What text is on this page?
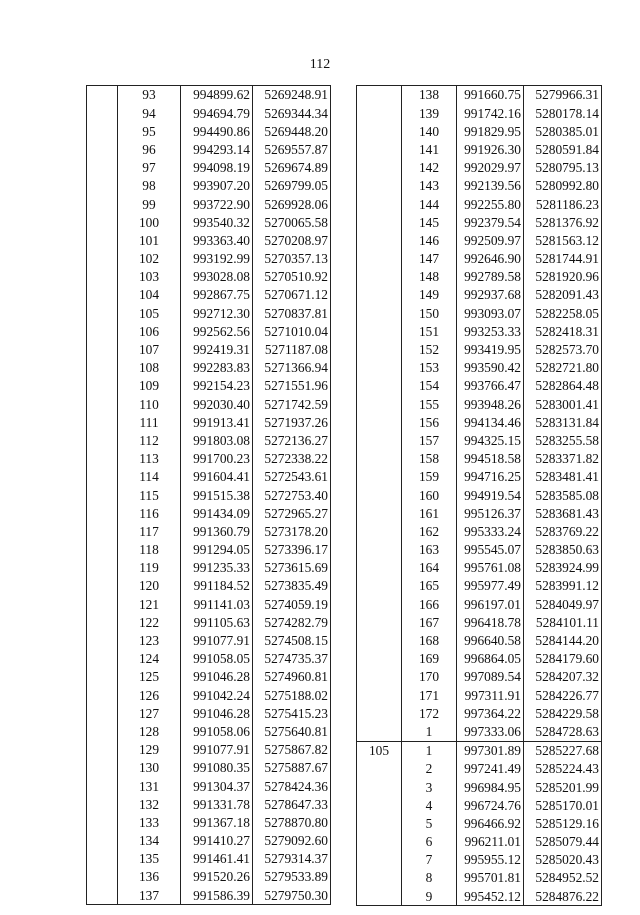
112
	93	994899.62	5269248.91
	94	994694.79	5269344.34
	95	994490.86	5269448.20
	96	994293.14	5269557.87
	97	994098.19	5269674.89
	98	993907.20	5269799.05
	99	993722.90	5269928.06
	100	993540.32	5270065.58
	101	993363.40	5270208.97
	102	993192.99	5270357.13
	103	993028.08	5270510.92
	104	992867.75	5270671.12
	105	992712.30	5270837.81
	106	992562.56	5271010.04
	107	992419.31	5271187.08
	108	992283.83	5271366.94
	109	992154.23	5271551.96
	110	992030.40	5271742.59
	111	991913.41	5271937.26
	112	991803.08	5272136.27
	113	991700.23	5272338.22
	114	991604.41	5272543.61
	115	991515.38	5272753.40
	116	991434.09	5272965.27
	117	991360.79	5273178.20
	118	991294.05	5273396.17
	119	991235.33	5273615.69
	120	991184.52	5273835.49
	121	991141.03	5274059.19
	122	991105.63	5274282.79
	123	991077.91	5274508.15
	124	991058.05	5274735.37
	125	991046.28	5274960.81
	126	991042.24	5275188.02
	127	991046.28	5275415.23
	128	991058.06	5275640.81
	129	991077.91	5275867.82
	130	991080.35	5275887.67
	131	991304.37	5278424.36
	132	991331.78	5278647.33
	133	991367.18	5278870.80
	134	991410.27	5279092.60
	135	991461.41	5279314.37
	136	991520.26	5279533.89
	137	991586.39	5279750.30
	138	991660.75	5279966.31
	139	991742.16	5280178.14
	140	991829.95	5280385.01
	141	991926.30	5280591.84
	142	992029.97	5280795.13
	143	992139.56	5280992.80
	144	992255.80	5281186.23
	145	992379.54	5281376.92
	146	992509.97	5281563.12
	147	992646.90	5281744.91
	148	992789.58	5281920.96
	149	992937.68	5282091.43
	150	993093.07	5282258.05
	151	993253.33	5282418.31
	152	993419.95	5282573.70
	153	993590.42	5282721.80
	154	993766.47	5282864.48
	155	993948.26	5283001.41
	156	994134.46	5283131.84
	157	994325.15	5283255.58
	158	994518.58	5283371.82
	159	994716.25	5283481.41
	160	994919.54	5283585.08
	161	995126.37	5283681.43
	162	995333.24	5283769.22
	163	995545.07	5283850.63
	164	995761.08	5283924.99
	165	995977.49	5283991.12
	166	996197.01	5284049.97
	167	996418.78	5284101.11
	168	996640.58	5284144.20
	169	996864.05	5284179.60
	170	997089.54	5284207.32
	171	997311.91	5284226.77
	172	997364.22	5284229.58
	1	997333.06	5284728.63
105	1	997301.89	5285227.68
	2	997241.49	5285224.43
	3	996984.95	5285201.99
	4	996724.76	5285170.01
	5	996466.92	5285129.16
	6	996211.01	5285079.44
	7	995955.12	5285020.43
	8	995701.81	5284952.52
	9	995452.12	5284876.22
